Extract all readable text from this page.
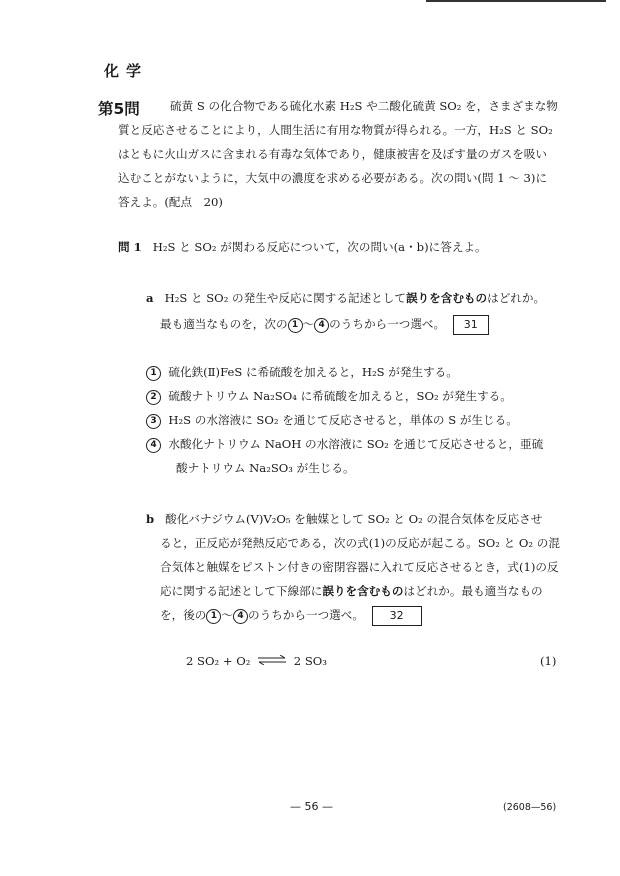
化学
第5問	硫黄 S の化合物である硫化水素 H₂S や二酸化硫黄 SO₂ を，さまざまな物
質と反応させることにより，人間生活に有用な物質が得られる。一方，H₂S と SO₂
はともに火山ガスに含まれる有毒な気体であり，健康被害を及ぼす量のガスを吸い
込むことがないように，大気中の濃度を求める必要がある。次の問い(問 1 ～ 3)に
答えよ。(配点　20)
問 1 H₂S と SO₂ が関わる反応について，次の問い(a・b)に答えよ。
a H₂S と SO₂ の発生や反応に関する記述として誤りを含むものはどれか。
最も適当なものを，次の 1 ～ 4 のうちから一つ選べ。 31
1 硫化鉄(Ⅱ)FeS に希硫酸を加えると，H₂S が発生する。
2 硫酸ナトリウム Na₂SO₄ に希硫酸を加えると，SO₂ が発生する。
3 H₂S の水溶液に SO₂ を通じて反応させると，単体の S が生じる。
4 水酸化ナトリウム NaOH の水溶液に SO₂ を通じて反応させると，亜硫
酸ナトリウム Na₂SO₃ が生じる。
b 酸化バナジウム(Ⅴ)V₂O₅ を触媒として SO₂ と O₂ の混合気体を反応させ
ると，正反応が発熱反応である，次の式(1)の反応が起こる。SO₂ と O₂ の混
合気体と触媒をピストン付きの密閉容器に入れて反応させるとき，式(1)の反
応に関する記述として下線部に誤りを含むものはどれか。最も適当なもの
を，後の 1 ～ 4 のうちから一つ選べ。 32
2 SO₂ + O₂ ⇌ 2 SO₃	(1)
— 56 —	(2608—56)
